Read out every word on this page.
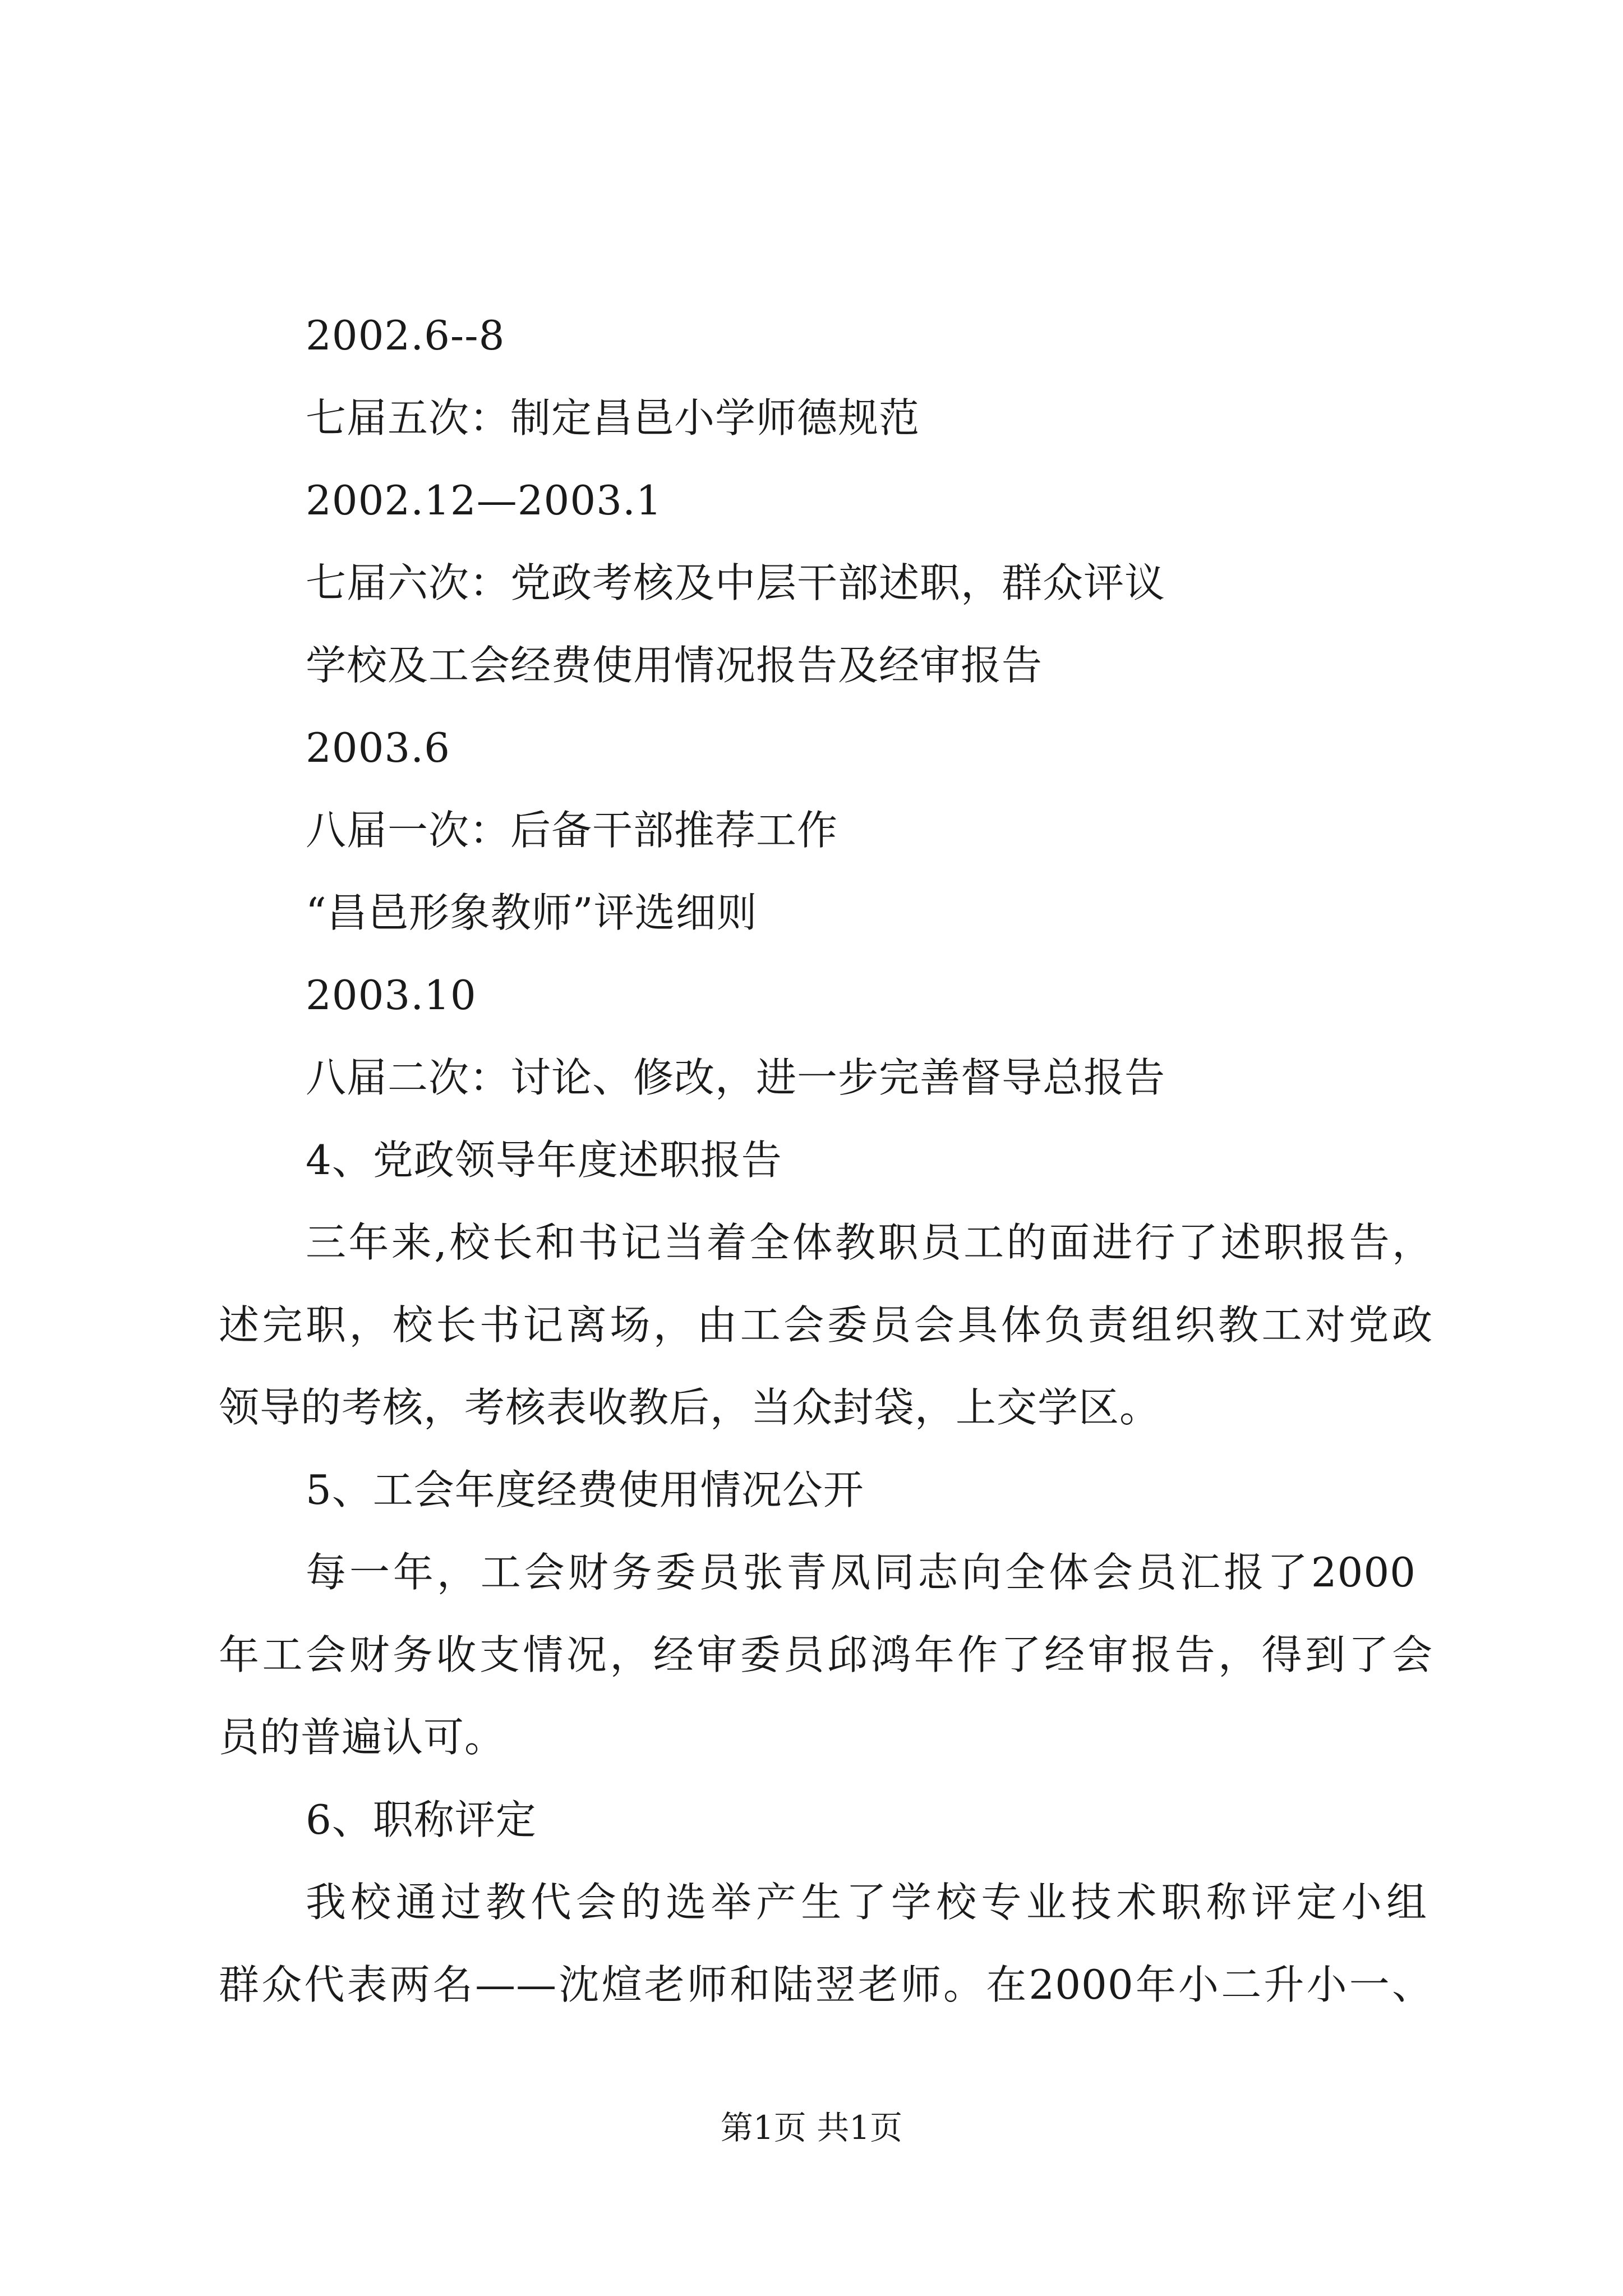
2002.6--8
七届五次：制定昌邑小学师德规范
2002.12—2003.1
七届六次：党政考核及中层干部述职，群众评议
学校及工会经费使用情况报告及经审报告
2003.6
八届一次：后备干部推荐工作
“昌邑形象教师”评选细则
2003.10
八届二次：讨论、修改，进一步完善督导总报告
4、党政领导年度述职报告
三年来,校长和书记当着全体教职员工的面进行了述职报告，
述完职，校长书记离场，由工会委员会具体负责组织教工对党政
领导的考核，考核表收教后，当众封袋，上交学区。
5、工会年度经费使用情况公开
每一年，工会财务委员张青凤同志向全体会员汇报了2000
年工会财务收支情况，经审委员邱鸿年作了经审报告，得到了会
员的普遍认可。
6、职称评定
我校通过教代会的选举产生了学校专业技术职称评定小组
群众代表两名——沈煊老师和陆翌老师。在2000年小二升小一、
第1页 共1页
